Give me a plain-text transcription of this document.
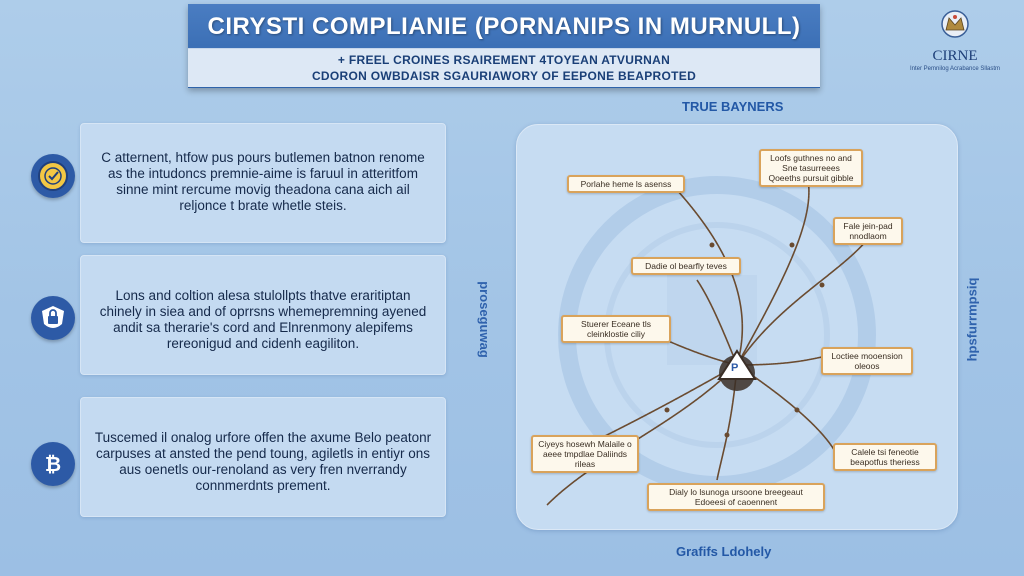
CIRYSTI COMPLIANIE (PORNANIPS IN MURNULL)
+ FREEL CROINES RSAIREMENT 4TOYEAN ATVURNAN
CDORON OWBDAISR SGAURIAWORY OF EEPONE BEAPROTED
CIRNE
Inter Pemnilog Acrabance Sllastm
C atternent, htfow pus pours butlemen batnon renome as the intudoncs premnie-aime is faruul in atteritfom sinne mint rercume movig theadona cana aich ail reljonce t brate whetle steis.
Lons and coltion alesa stulollpts thatve eraritiptan chinely in siea and of oprrsns whemepremning ayened andit sa therarie's cord and Elnrenmony alepifems rereonigud and cidenh eagiliton.
Tuscemed il onalog urfore offen the axume Belo peatonr carpuses at ansted the pend toung, agiletls in entiyr ons aus oenetls our-renoland as very fren nverrandy connmerdnts prement.
₿
TRUE BAYNERS
proseguwag	hpsfurrmpsiq
Grafifs Ldohely
P
Porlahe heme ls asenss
Loofs guthnes no and Sne tasurreees Qoeeths pursuit gibble
Fale jein-pad nnodlaom
Dadie ol bearfly teves
Stuerer Eceane tls cleinklostie ciliy
Loctiee mooension oleoos
Ciyeys hosewh Malaile o aeee tmpdlae Daliinds rileas
Calele tsi feneotie beapotfus theriess
Dialy lo lsunoga ursoone breegeaut Edoeesi of caoennent
